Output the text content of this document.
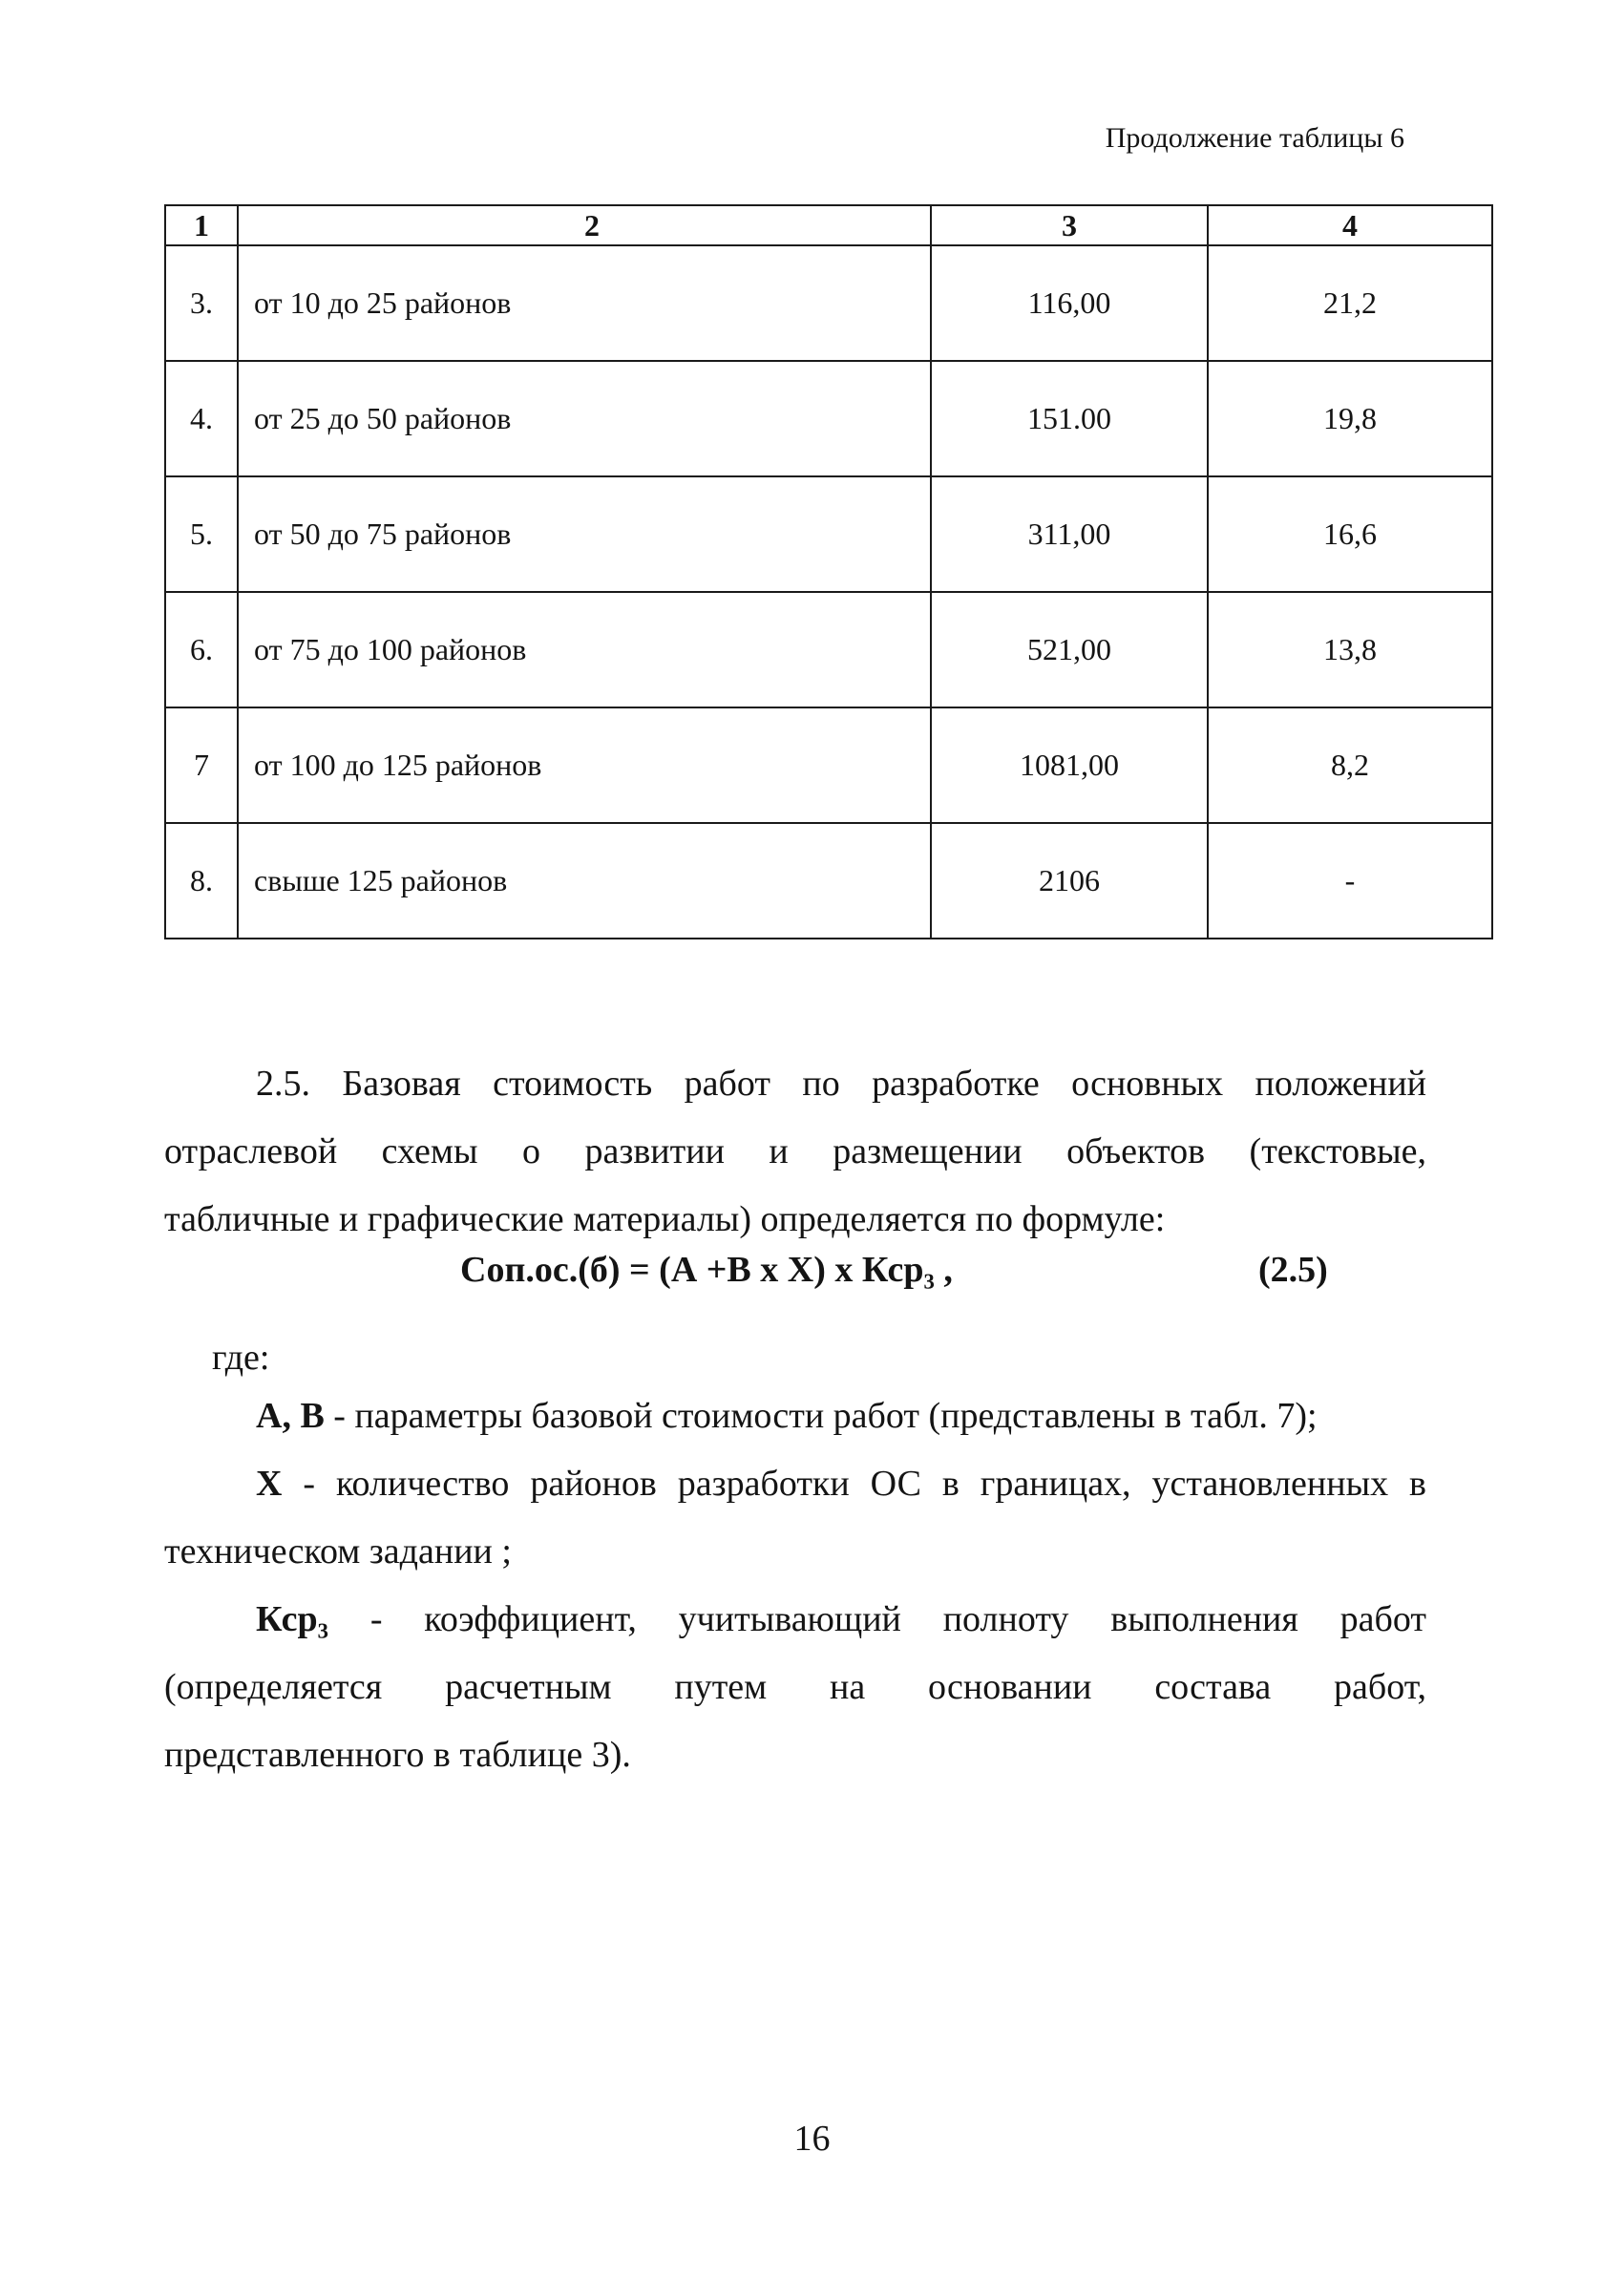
Продолжение таблицы 6
1	2	3	4
3.	от 10 до 25 районов	116,00	21,2
4.	от 25 до 50 районов	151.00	19,8
5.	от 50 до 75 районов	311,00	16,6
6.	от 75 до 100 районов	521,00	13,8
7	от 100 до 125 районов	1081,00	8,2
8.	свыше 125 районов	2106	-
2.5. Базовая стоимость работ по разработке основных положений
отраслевой схемы о развитии и размещении объектов (текстовые,
табличные и графические материалы) определяется по формуле:
Cоп.ос.(б) = (А +В х Х) х Кср₃ ,	(2.5)
где:
А, В - параметры базовой стоимости работ (представлены в табл. 7);
Х - количество районов разработки ОС в границах, установленных в
техническом задании ;
Кср₃ - коэффициент, учитывающий полноту выполнения работ
(определяется расчетным путем на основании состава работ,
представленного в таблице 3).
16
